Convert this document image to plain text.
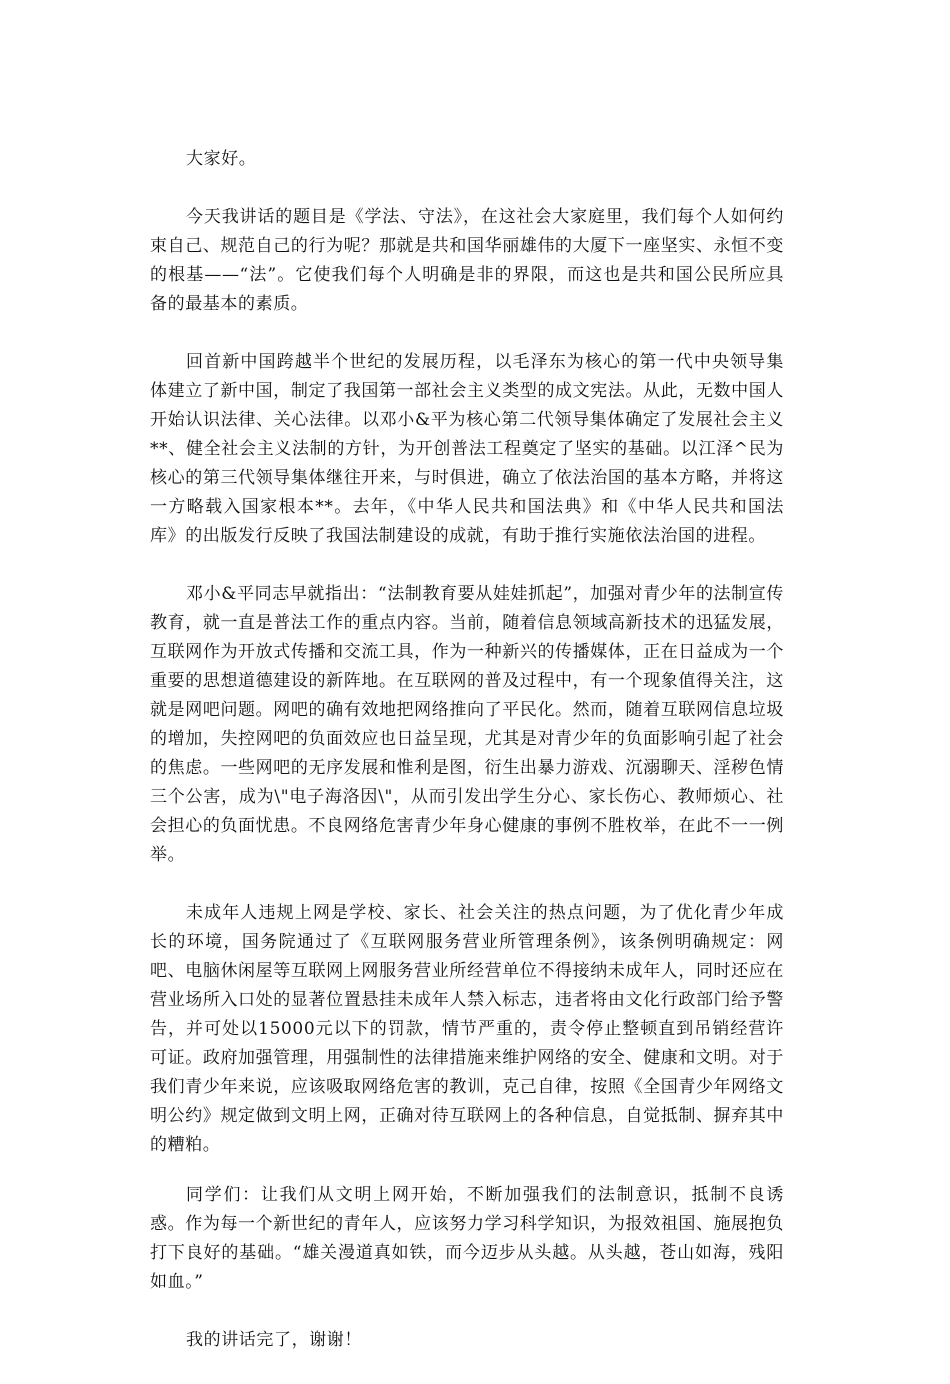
大家好。

今天我讲话的题目是《学法、守法》，在这社会大家庭里，我们每个人如何约束自己、规范自己的行为呢？那就是共和国华丽雄伟的大厦下一座坚实、永恒不变的根基——“法”。它使我们每个人明确是非的界限，而这也是共和国公民所应具备的最基本的素质。

回首新中国跨越半个世纪的发展历程，以毛泽东为核心的第一代中央领导集体建立了新中国，制定了我国第一部社会主义类型的成文宪法。从此，无数中国人开始认识法律、关心法律。以邓小&平为核心第二代领导集体确定了发展社会主义**、健全社会主义法制的方针，为开创普法工程奠定了坚实的基础。以江泽^民为核心的第三代领导集体继往开来，与时俱进，确立了依法治国的基本方略，并将这一方略载入国家根本**。去年，《中华人民共和国法典》和《中华人民共和国法库》的出版发行反映了我国法制建设的成就，有助于推行实施依法治国的进程。

邓小&平同志早就指出：“法制教育要从娃娃抓起”，加强对青少年的法制宣传教育，就一直是普法工作的重点内容。当前，随着信息领域高新技术的迅猛发展，互联网作为开放式传播和交流工具，作为一种新兴的传播媒体，正在日益成为一个重要的思想道德建设的新阵地。在互联网的普及过程中，有一个现象值得关注，这就是网吧问题。网吧的确有效地把网络推向了平民化。然而，随着互联网信息垃圾的增加，失控网吧的负面效应也日益呈现，尤其是对青少年的负面影响引起了社会的焦虑。一些网吧的无序发展和惟利是图，衍生出暴力游戏、沉溺聊天、淫秽色情三个公害，成为\"电子海洛因\"，从而引发出学生分心、家长伤心、教师烦心、社会担心的负面忧患。不良网络危害青少年身心健康的事例不胜枚举，在此不一一例举。

未成年人违规上网是学校、家长、社会关注的热点问题，为了优化青少年成长的环境，国务院通过了《互联网服务营业所管理条例》，该条例明确规定：网吧、电脑休闲屋等互联网上网服务营业所经营单位不得接纳未成年人，同时还应在营业场所入口处的显著位置悬挂未成年人禁入标志，违者将由文化行政部门给予警告，并可处以15000元以下的罚款，情节严重的，责令停止整顿直到吊销经营许可证。政府加强管理，用强制性的法律措施来维护网络的安全、健康和文明。对于我们青少年来说，应该吸取网络危害的教训，克己自律，按照《全国青少年网络文明公约》规定做到文明上网，正确对待互联网上的各种信息，自觉抵制、摒弃其中的糟粕。

同学们：让我们从文明上网开始，不断加强我们的法制意识，抵制不良诱惑。作为每一个新世纪的青年人，应该努力学习科学知识，为报效祖国、施展抱负打下良好的基础。“雄关漫道真如铁，而今迈步从头越。从头越，苍山如海，残阳如血。”

我的讲话完了，谢谢！
